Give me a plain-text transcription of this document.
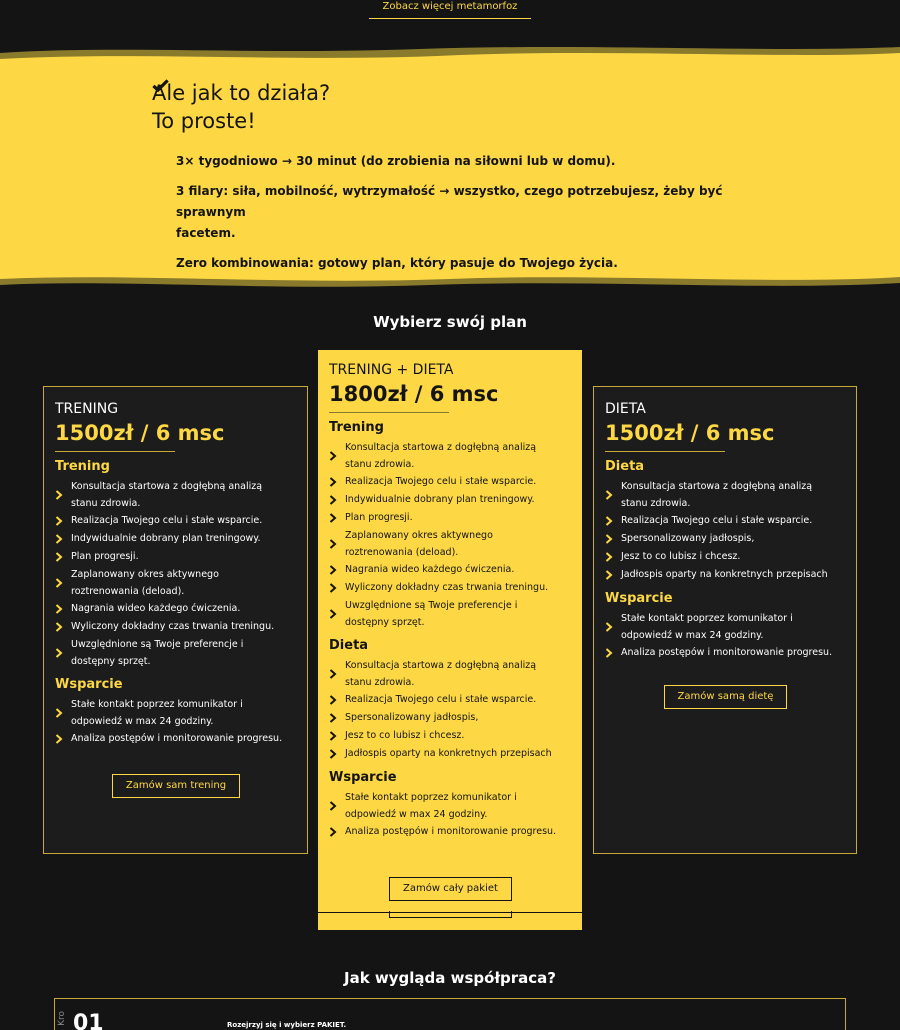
Zobacz więcej metamorfoz
Ale jak to działa?
To proste!
3× tygodniowo → 30 minut (do zrobienia na siłowni lub w domu).
3 filary: siła, mobilność, wytrzymałość → wszystko, czego potrzebujesz, żeby być sprawnym
facetem.
Zero kombinowania: gotowy plan, który pasuje do Twojego życia.
Wybierz swój plan
TRENING
1500zł / 6 msc
Trening
Konsultacja startowa z dogłębną analizą
stanu zdrowia.
Realizacja Twojego celu i stałe wsparcie.
Indywidualnie dobrany plan treningowy.
Plan progresji.
Zaplanowany okres aktywnego
roztrenowania (deload).
Nagrania wideo każdego ćwiczenia.
Wyliczony dokładny czas trwania treningu.
Uwzględnione są Twoje preferencje i
dostępny sprzęt.
Wsparcie
Stałe kontakt poprzez komunikator i
odpowiedź w max 24 godziny.
Analiza postępów i monitorowanie progresu.
Zamów sam trening
TRENING + DIETA
1800zł / 6 msc
Trening
Konsultacja startowa z dogłębną analizą
stanu zdrowia.
Realizacja Twojego celu i stałe wsparcie.
Indywidualnie dobrany plan treningowy.
Plan progresji.
Zaplanowany okres aktywnego
roztrenowania (deload).
Nagrania wideo każdego ćwiczenia.
Wyliczony dokładny czas trwania treningu.
Uwzględnione są Twoje preferencje i
dostępny sprzęt.
Dieta
Konsultacja startowa z dogłębną analizą
stanu zdrowia.
Realizacja Twojego celu i stałe wsparcie.
Spersonalizowany jadłospis,
Jesz to co lubisz i chcesz.
Jadłospis oparty na konkretnych przepisach
Wsparcie
Stałe kontakt poprzez komunikator i
odpowiedź w max 24 godziny.
Analiza postępów i monitorowanie progresu.
Zamów cały pakiet
DIETA
1500zł / 6 msc
Dieta
Konsultacja startowa z dogłębną analizą
stanu zdrowia.
Realizacja Twojego celu i stałe wsparcie.
Spersonalizowany jadłospis,
Jesz to co lubisz i chcesz.
Jadłospis oparty na konkretnych przepisach
Wsparcie
Stałe kontakt poprzez komunikator i
odpowiedź w max 24 godziny.
Analiza postępów i monitorowanie progresu.
Zamów samą dietę
Jak wygląda współpraca?
Kro 01	Rozejrzyj się i wybierz PAKIET.
